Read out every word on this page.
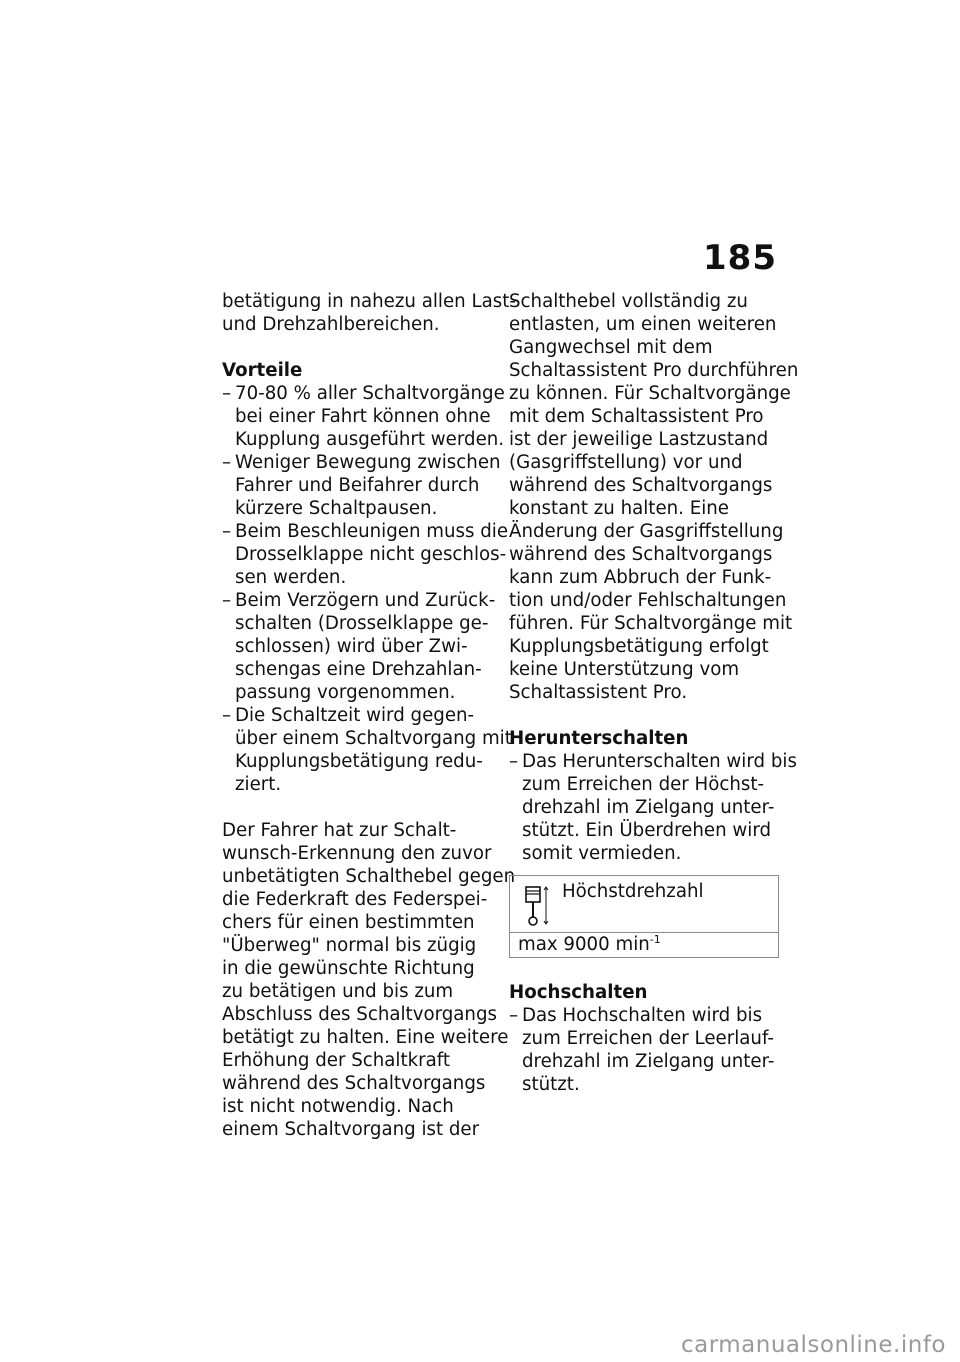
185

betätigung in nahezu allen Last-

und Drehzahlbereichen.

Vorteile

– 70-80 % aller Schaltvorgänge
bei einer Fahrt können ohne
Kupplung ausgeführt werden.
– Weniger Bewegung zwischen
Fahrer und Beifahrer durch
kürzere Schaltpausen.
– Beim Beschleunigen muss die
Drosselklappe nicht geschlos-
sen werden.
– Beim Verzögern und Zurück-
schalten (Drosselklappe ge-
schlossen) wird über Zwi-
schengas eine Drehzahlan-
passung vorgenommen.
– Die Schaltzeit wird gegen-
über einem Schaltvorgang mit
Kupplungsbetätigung redu-
ziert.

Der Fahrer hat zur Schalt-

wunsch-Erkennung den zuvor

unbetätigten Schalthebel gegen

die Federkraft des Federspei-

chers für einen bestimmten

"Überweg" normal bis zügig

in die gewünschte Richtung

zu betätigen und bis zum

Abschluss des Schaltvorgangs

betätigt zu halten. Eine weitere

Erhöhung der Schaltkraft

während des Schaltvorgangs

ist nicht notwendig. Nach

einem Schaltvorgang ist der

Schalthebel vollständig zu

entlasten, um einen weiteren

Gangwechsel mit dem

Schaltassistent Pro durchführen

zu können. Für Schaltvorgänge

mit dem Schaltassistent Pro

ist der jeweilige Lastzustand

(Gasgriffstellung) vor und

während des Schaltvorgangs

konstant zu halten. Eine

Änderung der Gasgriffstellung

während des Schaltvorgangs

kann zum Abbruch der Funk-

tion und/oder Fehlschaltungen

führen. Für Schaltvorgänge mit

Kupplungsbetätigung erfolgt

keine Unterstützung vom

Schaltassistent Pro.

Herunterschalten

– Das Herunterschalten wird bis
zum Erreichen der Höchst-
drehzahl im Zielgang unter-
stützt. Ein Überdrehen wird
somit vermieden.
Höchstdrehzahl
max 9000 $\min^{-1}$

Hochschalten

– Das Hochschalten wird bis
zum Erreichen der Leerlauf-
drehzahl im Zielgang unter-
stützt.
carmanualsonline.info
